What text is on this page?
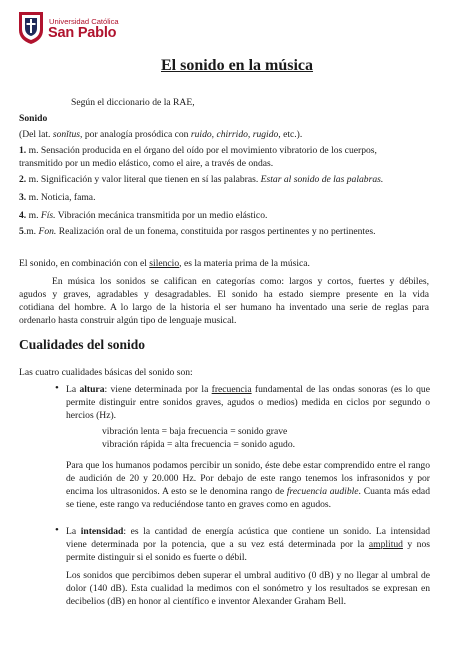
Universidad Católica
San Pablo
El sonido en la música

Según el diccionario de la RAE,

Sonido

(Del lat. sonĭtus, por analogía prosódica con ruido, chirrido, rugido, etc.).

1. m. Sensación producida en el órgano del oído por el movimiento vibratorio de los cuerpos,

transmitido por un medio elástico, como el aire, a través de ondas.

2. m. Significación y valor literal que tienen en sí las palabras. Estar al sonido de las palabras.

3. m. Noticia, fama.

4. m. Fís. Vibración mecánica transmitida por un medio elástico.

5.m. Fon. Realización oral de un fonema, constituida por rasgos pertinentes y no pertinentes.

El sonido, en combinación con el silencio, es la materia prima de la música.

En música los sonidos se califican en categorías como: largos y cortos, fuertes y débiles,

agudos y graves, agradables y desagradables. El sonido ha estado siempre presente en la vida

cotidiana del hombre. A lo largo de la historia el ser humano ha inventado una serie de reglas para

ordenarlo hasta construir algún tipo de lenguaje musical.

Cualidades del sonido

Las cuatro cualidades básicas del sonido son:

• La altura: viene determinada por la frecuencia fundamental de las ondas sonoras (es lo que

permite distinguir entre sonidos graves, agudos o medios) medida en ciclos por segundo o

hercios (Hz).

vibración lenta = baja frecuencia = sonido grave

vibración rápida = alta frecuencia = sonido agudo.

Para que los humanos podamos percibir un sonido, éste debe estar comprendido entre el rango

de audición de 20 y 20.000 Hz. Por debajo de este rango tenemos los infrasonidos y por

encima los ultrasonidos. A esto se le denomina rango de frecuencia audible. Cuanta más edad

se tiene, este rango va reduciéndose tanto en graves como en agudos.

• La intensidad: es la cantidad de energía acústica que contiene un sonido. La intensidad

viene determinada por la potencia, que a su vez está determinada por la amplitud y nos

permite distinguir si el sonido es fuerte o débil.

Los sonidos que percibimos deben superar el umbral auditivo (0 dB) y no llegar al umbral de

dolor (140 dB). Esta cualidad la medimos con el sonómetro y los resultados se expresan en

decibelios (dB) en honor al científico e inventor Alexander Graham Bell.
